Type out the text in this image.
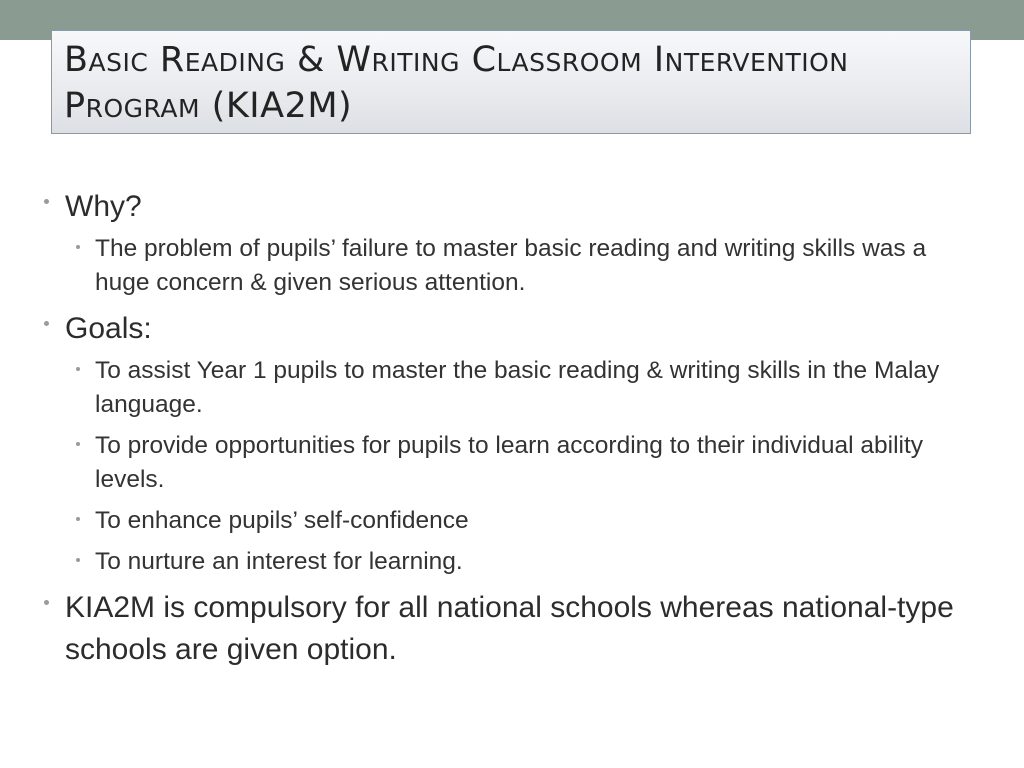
Basic Reading & Writing Classroom Intervention Program (KIA2M)
Why?
The problem of pupils’ failure to master basic reading and writing skills was a huge concern & given serious attention.
Goals:
To assist Year 1 pupils to master the basic reading & writing skills in the Malay language.
To provide opportunities for pupils to learn according to their individual ability levels.
To enhance pupils’ self-confidence
To nurture an interest for learning.
KIA2M is compulsory for all national schools whereas national-type schools are given option.
